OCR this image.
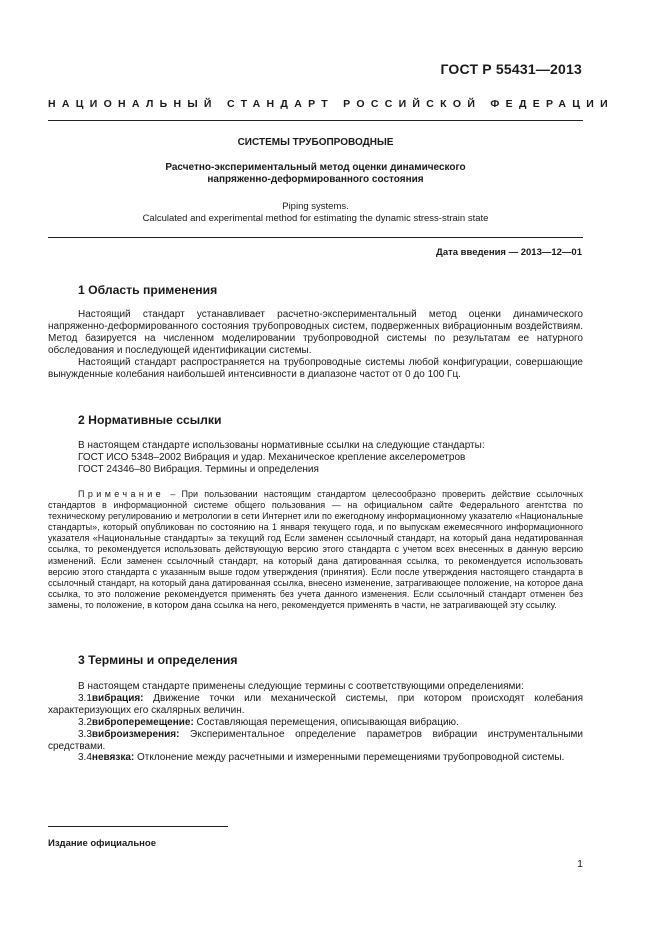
ГОСТ Р 55431—2013
НАЦИОНАЛЬНЫЙ СТАНДАРТ РОССИЙСКОЙ ФЕДЕРАЦИИ
СИСТЕМЫ ТРУБОПРОВОДНЫЕ
Расчетно-экспериментальный метод оценки динамического
напряженно-деформированного состояния
Piping systems.
Calculated and experimental method for estimating the dynamic stress-strain state
Дата введения — 2013—12—01
1 Область применения

Настоящий стандарт устанавливает расчетно-экспериментальный метод оценки динамического напряженно-деформированного состояния трубопроводных систем, подверженных вибрационным воздействиям. Метод базируется на численном моделировании трубопроводной системы по результатам ее натурного обследования и последующей идентификации системы.

Настоящий стандарт распространяется на трубопроводные системы любой конфигурации, совершающие вынужденные колебания наибольшей интенсивности в диапазоне частот от 0 до 100 Гц.

2 Нормативные ссылки
В настоящем стандарте использованы нормативные ссылки на следующие стандарты:
ГОСТ ИСО 5348–2002 Вибрация и удар. Механическое крепление акселерометров
ГОСТ 24346–80 Вибрация. Термины и определения
Примечание – При пользовании настоящим стандартом целесообразно проверить действие ссылочных стандартов в информационной системе общего пользования — на официальном сайте Федерального агентства по техническому регулированию и метрологии в сети Интернет или по ежегодному информационному указателю «Национальные стандарты», который опубликован по состоянию на 1 января текущего года, и по выпускам ежемесячного информационного указателя «Национальные стандарты» за текущий год Если заменен ссылочный стандарт, на который дана недатированная ссылка, то рекомендуется использовать действующую версию этого стандарта с учетом всех внесенных в данную версию изменений. Если заменен ссылочный стандарт, на который дана датированная ссылка, то рекомендуется использовать версию этого стандарта с указанным выше годом утверждения (принятия). Если после утверждения настоящего стандарта в ссылочный стандарт, на который дана датированная ссылка, внесено изменение, затрагивающее положение, на которое дана ссылка, то это положение рекомендуется применять без учета данного изменения. Если ссылочный стандарт отменен без замены, то положение, в котором дана ссылка на него, рекомендуется применять в части, не затрагивающей эту ссылку.
3 Термины и определения

В настоящем стандарте применены следующие термины с соответствующими определениями:

3.1вибрация: Движение точки или механической системы, при котором происходят колебания характеризующих его скалярных величин.

3.2виброперемещение: Составляющая перемещения, описывающая вибрацию.

3.3виброизмерения: Экспериментальное определение параметров вибрации инструментальными средствами.

3.4невязка: Отклонение между расчетными и измеренными перемещениями трубопроводной системы.

Издание официальное
1
